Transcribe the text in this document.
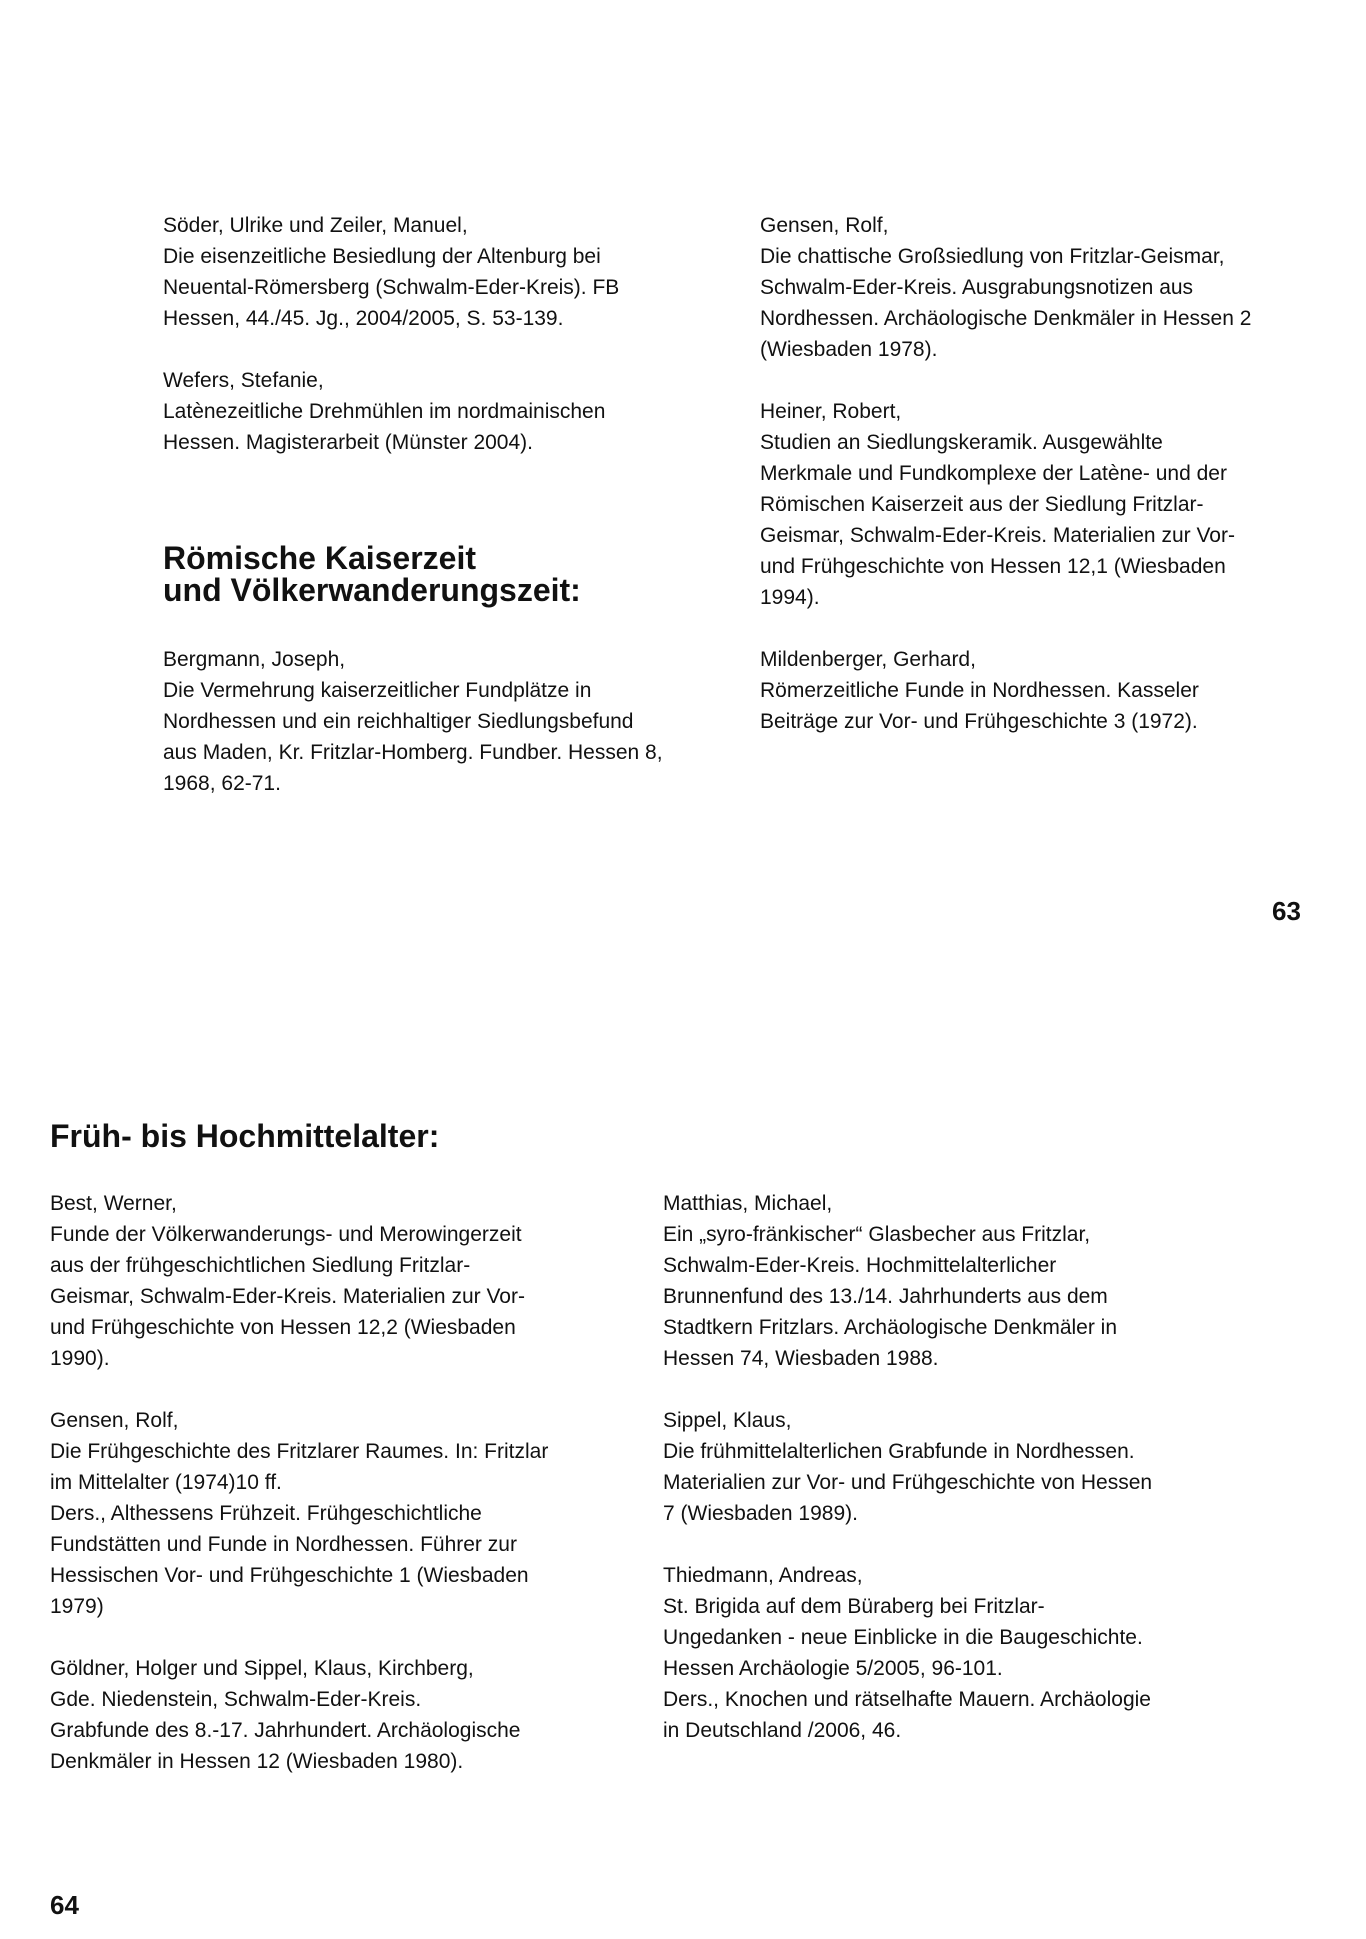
Söder, Ulrike und Zeiler, Manuel,

Die eisenzeitliche Besiedlung der Altenburg bei

Neuental-Römersberg (Schwalm-Eder-Kreis). FB

Hessen, 44./45. Jg., 2004/2005, S. 53-139.

Wefers, Stefanie,

Latènezeitliche Drehmühlen im nordmainischen

Hessen. Magisterarbeit (Münster 2004).

Römische Kaiserzeit

und Völkerwanderungszeit:

Bergmann, Joseph,

Die Vermehrung kaiserzeitlicher Fundplätze in

Nordhessen und ein reichhaltiger Siedlungsbefund

aus Maden, Kr. Fritzlar-Homberg. Fundber. Hessen 8,

1968, 62-71.

Gensen, Rolf,

Die chattische Großsiedlung von Fritzlar-Geismar,

Schwalm-Eder-Kreis. Ausgrabungsnotizen aus

Nordhessen. Archäologische Denkmäler in Hessen 2

(Wiesbaden 1978).

Heiner, Robert,

Studien an Siedlungskeramik. Ausgewählte

Merkmale und Fundkomplexe der Latène- und der

Römischen Kaiserzeit aus der Siedlung Fritzlar-

Geismar, Schwalm-Eder-Kreis. Materialien zur Vor-

und Frühgeschichte von Hessen 12,1 (Wiesbaden

1994).

Mildenberger, Gerhard,

Römerzeitliche Funde in Nordhessen. Kasseler

Beiträge zur Vor- und Frühgeschichte 3 (1972).

63

Früh- bis Hochmittelalter:

Best, Werner,

Funde der Völkerwanderungs- und Merowingerzeit

aus der frühgeschichtlichen Siedlung Fritzlar-

Geismar, Schwalm-Eder-Kreis. Materialien zur Vor-

und Frühgeschichte von Hessen 12,2 (Wiesbaden

1990).

Gensen, Rolf,

Die Frühgeschichte des Fritzlarer Raumes. In: Fritzlar

im Mittelalter (1974)10 ff.

Ders., Althessens Frühzeit. Frühgeschichtliche

Fundstätten und Funde in Nordhessen. Führer zur

Hessischen Vor- und Frühgeschichte 1 (Wiesbaden

1979)

Göldner, Holger und Sippel, Klaus, Kirchberg,

Gde. Niedenstein, Schwalm-Eder-Kreis.

Grabfunde des 8.-17. Jahrhundert. Archäologische

Denkmäler in Hessen 12 (Wiesbaden 1980).

Matthias, Michael,

Ein „syro-fränkischer“ Glasbecher aus Fritzlar,

Schwalm-Eder-Kreis. Hochmittelalterlicher

Brunnenfund des 13./14. Jahrhunderts aus dem

Stadtkern Fritzlars. Archäologische Denkmäler in

Hessen 74, Wiesbaden 1988.

Sippel, Klaus,

Die frühmittelalterlichen Grabfunde in Nordhessen.

Materialien zur Vor- und Frühgeschichte von Hessen

7 (Wiesbaden 1989).

Thiedmann, Andreas,

St. Brigida auf dem Büraberg bei Fritzlar-

Ungedanken - neue Einblicke in die Baugeschichte.

Hessen Archäologie 5/2005, 96-101.

Ders., Knochen und rätselhafte Mauern. Archäologie

in Deutschland /2006, 46.

64
